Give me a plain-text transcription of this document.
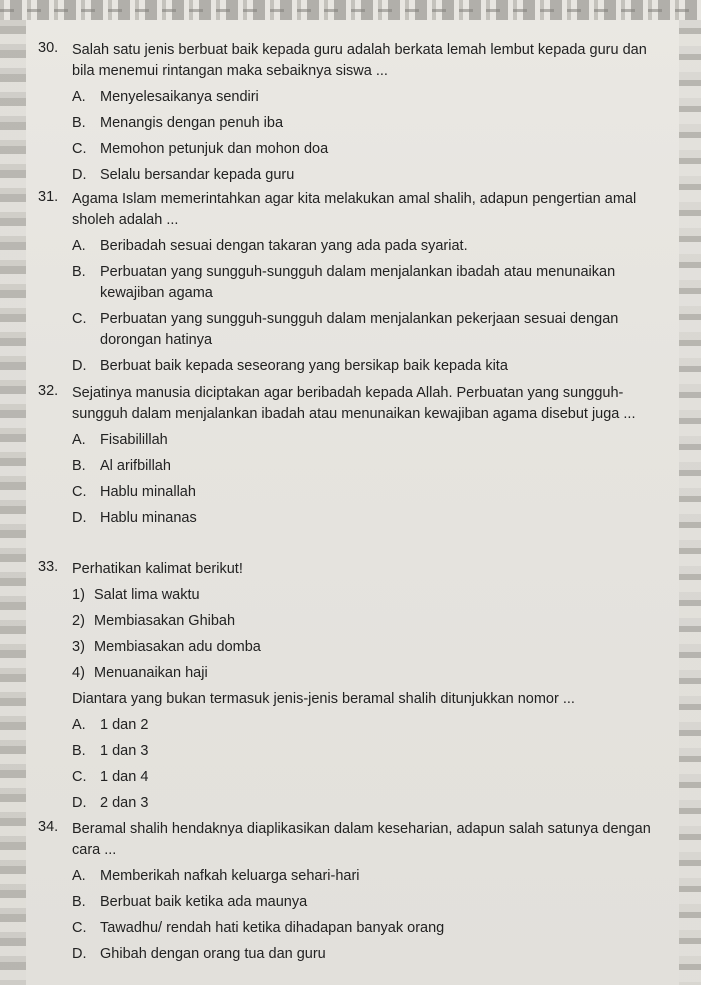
30. Salah satu jenis berbuat baik kepada guru adalah berkata lemah lembut kepada guru dan bila menemui rintangan maka sebaiknya siswa ...

A. Menyelesaikanya sendiri
B. Menangis dengan penuh iba
C. Memohon petunjuk dan mohon doa
D. Selalu bersandar kepada guru
31. Agama Islam memerintahkan agar kita melakukan amal shalih, adapun pengertian amal sholeh adalah ...

A. Beribadah sesuai dengan takaran yang ada pada syariat.
B. Perbuatan yang sungguh-sungguh dalam menjalankan ibadah atau menunaikan kewajiban agama
C. Perbuatan yang sungguh-sungguh dalam menjalankan pekerjaan sesuai dengan dorongan hatinya
D. Berbuat baik kepada seseorang yang bersikap baik kepada kita
32. Sejatinya manusia diciptakan agar beribadah kepada Allah. Perbuatan yang sungguh-sungguh dalam menjalankan ibadah atau menunaikan kewajiban agama disebut juga ...

A. Fisabilillah
B. Al arifbillah
C. Hablu minallah
D. Hablu minanas
33. Perhatikan kalimat berikut!

1) Salat lima waktu
2) Membiasakan Ghibah
3) Membiasakan adu domba
4) Menuanaikan haji

Diantara yang bukan termasuk jenis-jenis beramal shalih ditunjukkan nomor ...

A. 1 dan 2
B. 1 dan 3
C. 1 dan 4
D. 2 dan 3
34. Beramal shalih hendaknya diaplikasikan dalam keseharian, adapun salah satunya dengan cara ...

A. Memberikah nafkah keluarga sehari-hari
B. Berbuat baik ketika ada maunya
C. Tawadhu/ rendah hati ketika dihadapan banyak orang
D. Ghibah dengan orang tua dan guru
